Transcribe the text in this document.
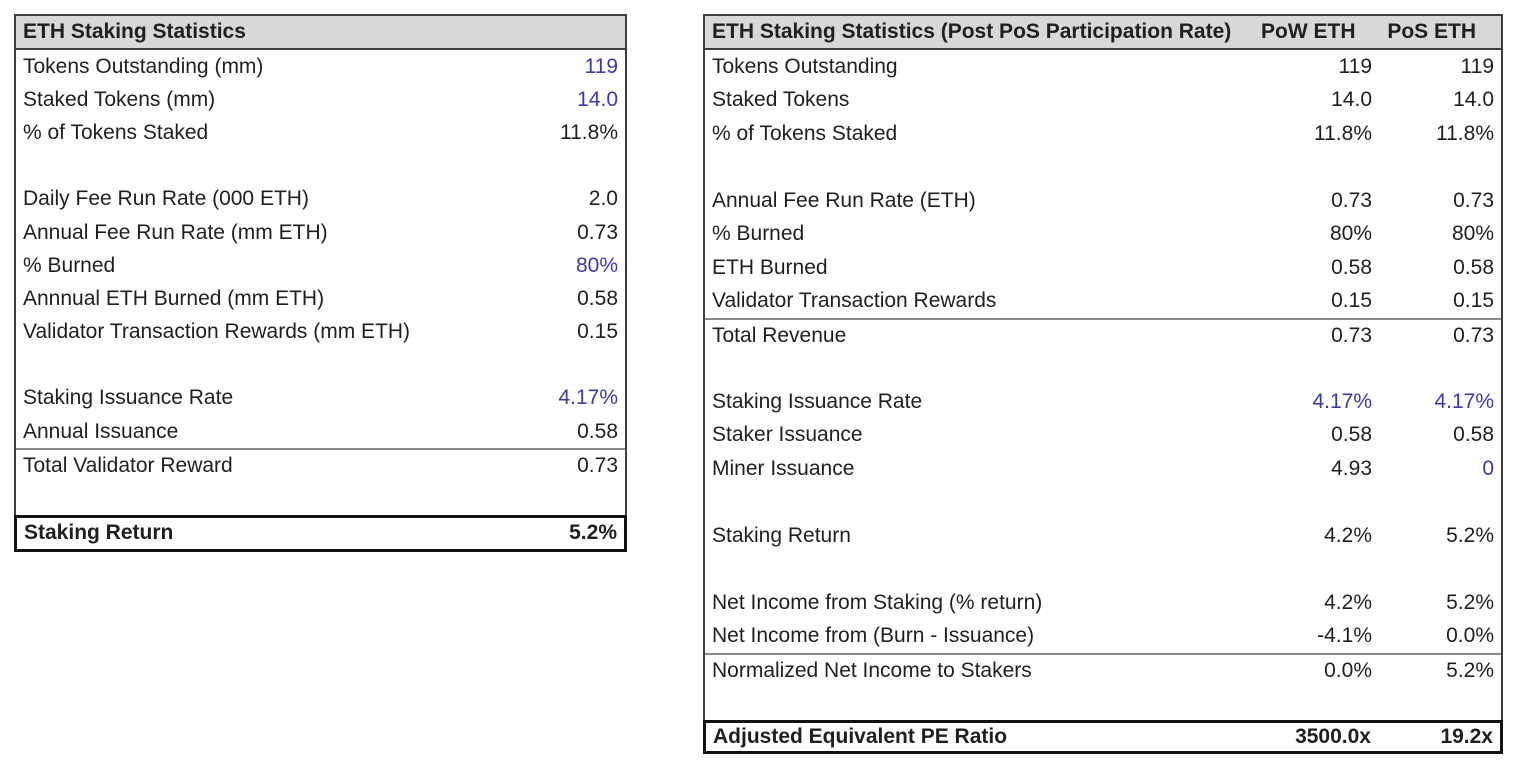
ETH Staking Statistics
Tokens Outstanding (mm)	119
Staked Tokens (mm)	14.0
% of Tokens Staked	11.8%
Daily Fee Run Rate (000 ETH)	2.0
Annual Fee Run Rate (mm ETH)	0.73
% Burned	80%
Annnual ETH Burned (mm ETH)	0.58
Validator Transaction Rewards (mm ETH)	0.15
Staking Issuance Rate	4.17%
Annual Issuance	0.58
Total Validator Reward	0.73
Staking Return	5.2%
ETH Staking Statistics (Post PoS Participation Rate)	PoW ETH	PoS ETH
Tokens Outstanding	119	119
Staked Tokens	14.0	14.0
% of Tokens Staked	11.8%	11.8%
Annual Fee Run Rate (ETH)	0.73	0.73
% Burned	80%	80%
ETH Burned	0.58	0.58
Validator Transaction Rewards	0.15	0.15
Total Revenue	0.73	0.73
Staking Issuance Rate	4.17%	4.17%
Staker Issuance	0.58	0.58
Miner Issuance	4.93	0
Staking Return	4.2%	5.2%
Net Income from Staking (% return)	4.2%	5.2%
Net Income from (Burn - Issuance)	-4.1%	0.0%
Normalized Net Income to Stakers	0.0%	5.2%
Adjusted Equivalent PE Ratio	3500.0x	19.2x
